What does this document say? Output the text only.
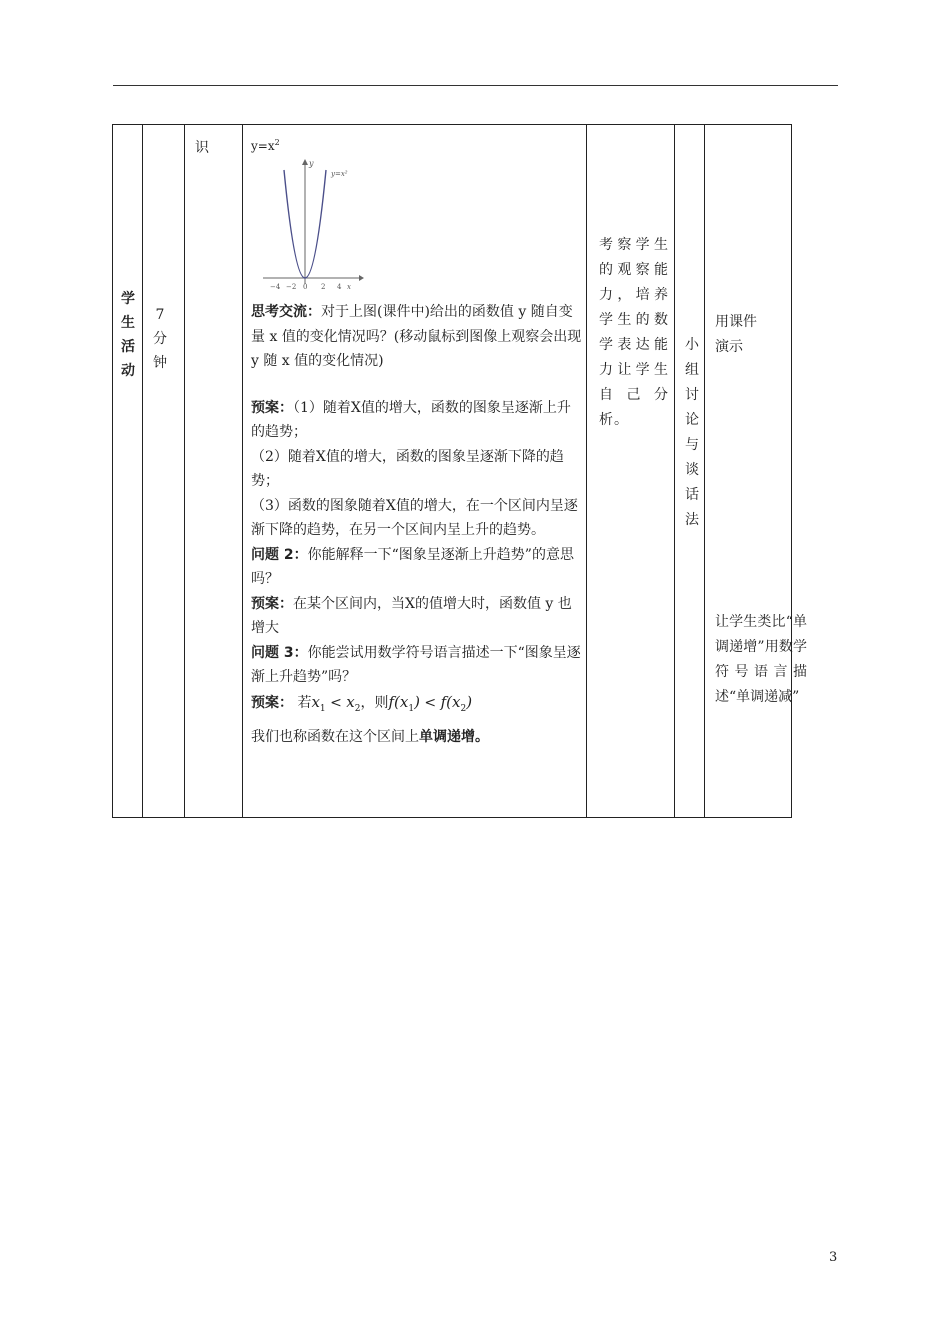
学
生
活
动
7
分
钟
识	$y=x^2$
y
y=x²
−4 −2 0 2 4 x

思考交流：对于上图(课件中)给出的函数值 y 随自变量 x 值的变化情况吗？(移动鼠标到图像上观察会出现 y 随 x 值的变化情况)

预案：（1）随着X值的增大，函数的图象呈逐渐上升的趋势；

（2）随着X值的增大，函数的图象呈逐渐下降的趋势；

（3）函数的图象随着X值的增大，在一个区间内呈逐渐下降的趋势，在另一个区间内呈上升的趋势。

问题 2：你能解释一下“图象呈逐渐上升趋势”的意思吗？

预案：在某个区间内，当X的值增大时，函数值 y 也增大

问题 3：你能尝试用数学符号语言描述一下“图象呈逐渐上升趋势”吗？

预案： 若$x_1 < x_2$，则$f(x_1) < f(x_2)$

我们也称函数在这个区间上单调递增。

考察学生的观察能力，培养学生的数学表达能力让学生自己分析。
小
组
讨
论
与
谈
话
法
用课件
演示
让学生类比“单调递增”用数学符号语言描述“单调递减”
3
